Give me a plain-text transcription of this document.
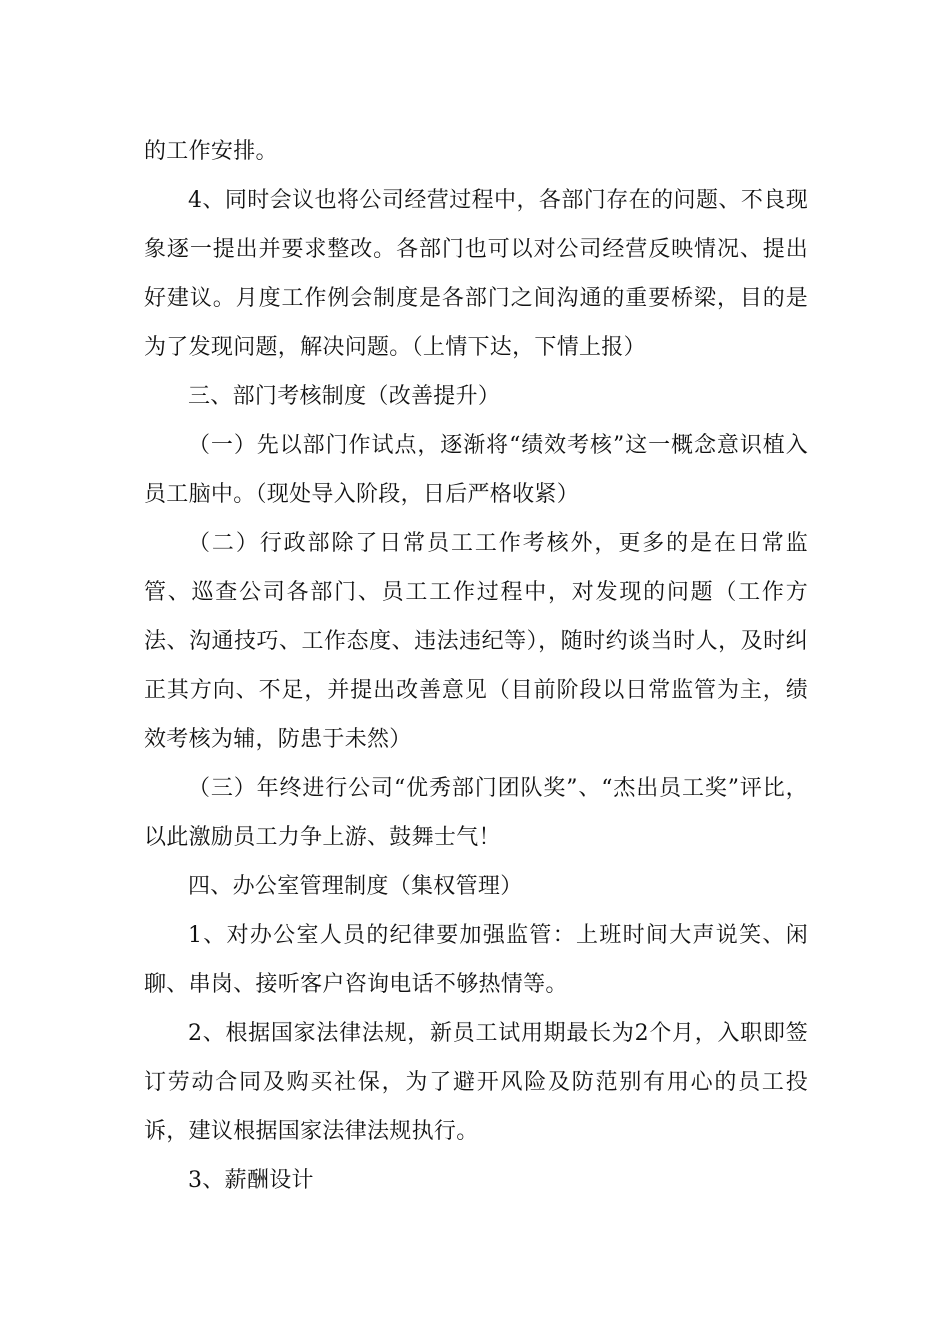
的工作安排。

4、同时会议也将公司经营过程中，各部门存在的问题、不良现象逐一提出并要求整改。各部门也可以对公司经营反映情况、提出好建议。月度工作例会制度是各部门之间沟通的重要桥梁，目的是为了发现问题，解决问题。（上情下达，下情上报）

三、部门考核制度（改善提升）

（一）先以部门作试点，逐渐将“绩效考核”这一概念意识植入员工脑中。（现处导入阶段，日后严格收紧）

（二）行政部除了日常员工工作考核外，更多的是在日常监管、巡查公司各部门、员工工作过程中，对发现的问题（工作方法、沟通技巧、工作态度、违法违纪等），随时约谈当时人，及时纠正其方向、不足，并提出改善意见（目前阶段以日常监管为主，绩效考核为辅，防患于未然）

（三）年终进行公司“优秀部门团队奖”、“杰出员工奖”评比，以此激励员工力争上游、鼓舞士气！

四、办公室管理制度（集权管理）

1、对办公室人员的纪律要加强监管：上班时间大声说笑、闲聊、串岗、接听客户咨询电话不够热情等。

2、根据国家法律法规，新员工试用期最长为2个月，入职即签订劳动合同及购买社保，为了避开风险及防范别有用心的员工投诉，建议根据国家法律法规执行。

3、薪酬设计
